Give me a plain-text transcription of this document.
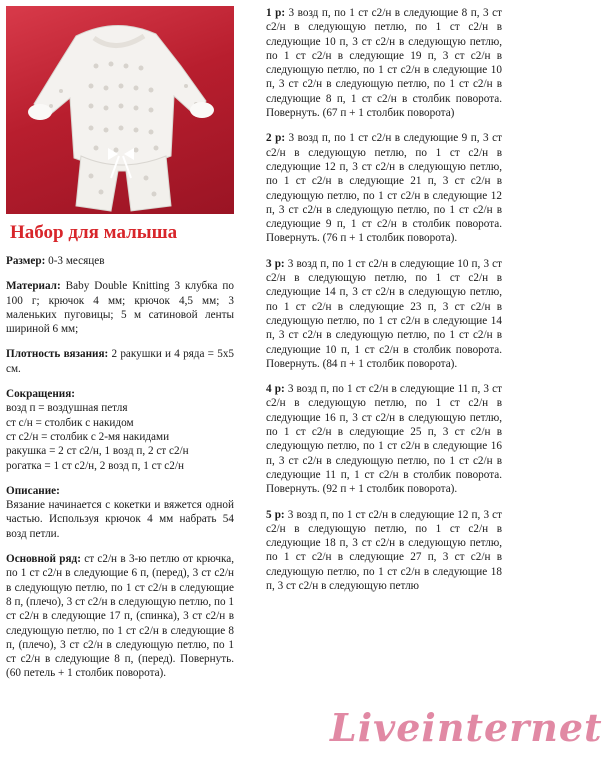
Набор для малыша

Размер: 0-3 месяцев

Материал: Baby Double Knitting 3 клубка по 100 г; крючок 4 мм; крючок 4,5 мм; 3 маленьких пуговицы; 5 м сатиновой ленты шириной 6 мм;

Плотность вязания: 2 ракушки и 4 ряда = 5х5 см.

Сокращения:
возд п = воздушная петля
ст с/н = столбик с накидом
ст с2/н = столбик с 2-мя накидами
ракушка = 2 ст с2/н, 1 возд п, 2 ст с2/н
рогатка = 1 ст с2/н, 2 возд п, 1 ст с2/н
Описание:

Вязание начинается с кокетки и вяжется одной частью. Используя крючок 4 мм набрать 54 возд петли.

Основной ряд: ст с2/н в 3-ю петлю от крючка, по 1 ст с2/н в следующие 6 п, (перед), 3 ст с2/н в следующую петлю, по 1 ст с2/н в следующие 8 п, (плечо), 3 ст с2/н в следующую петлю, по 1 ст с2/н в следующие 17 п, (спинка), 3 ст с2/н в следующую петлю, по 1 ст с2/н в следующие 8 п, (плечо), 3 ст с2/н в следующую петлю, по 1 ст с2/н в следующие 8 п, (перед). Повернуть. (60 петель + 1 столбик поворота).

1 р: 3 возд п, по 1 ст с2/н в следующие 8 п, 3 ст с2/н в следующую петлю, по 1 ст с2/н в следующие 10 п, 3 ст с2/н в следующую петлю, по 1 ст с2/н в следующие 19 п, 3 ст с2/н в следующую петлю, по 1 ст с2/н в следующие 10 п, 3 ст с2/н в следующую петлю, по 1 ст с2/н в следующие 8 п, 1 ст с2/н в столбик поворота. Повернуть. (67 п + 1 столбик поворота)

2 р: 3 возд п, по 1 ст с2/н в следующие 9 п, 3 ст с2/н в следующую петлю, по 1 ст с2/н в следующие 12 п, 3 ст с2/н в следующую петлю, по 1 ст с2/н в следующие 21 п, 3 ст с2/н в следующую петлю, по 1 ст с2/н в следующие 12 п, 3 ст с2/н в следующую петлю, по 1 ст с2/н в следующие 9 п, 1 ст с2/н в столбик поворота. Повернуть. (76 п + 1 столбик поворота).

3 р: 3 возд п, по 1 ст с2/н в следующие 10 п, 3 ст с2/н в следующую петлю, по 1 ст с2/н в следующие 14 п, 3 ст с2/н в следующую петлю, по 1 ст с2/н в следующие 23 п, 3 ст с2/н в следующую петлю, по 1 ст с2/н в следующие 14 п, 3 ст с2/н в следующую петлю, по 1 ст с2/н в следующие 10 п, 1 ст с2/н в столбик поворота. Повернуть. (84 п + 1 столбик поворота).

4 р: 3 возд п, по 1 ст с2/н в следующие 11 п, 3 ст с2/н в следующую петлю, по 1 ст с2/н в следующие 16 п, 3 ст с2/н в следующую петлю, по 1 ст с2/н в следующие 25 п, 3 ст с2/н в следующую петлю, по 1 ст с2/н в следующие 16 п, 3 ст с2/н в следующую петлю, по 1 ст с2/н в следующие 11 п, 1 ст с2/н в столбик поворота. Повернуть. (92 п + 1 столбик поворота).

5 р: 3 возд п, по 1 ст с2/н в следующие 12 п, 3 ст с2/н в следующую петлю, по 1 ст с2/н в следующие 18 п, 3 ст с2/н в следующую петлю, по 1 ст с2/н в следующие 27 п, 3 ст с2/н в следующую петлю, по 1 ст с2/н в следующие 18 п, 3 ст с2/н в следующую петлю

Liveinternet
